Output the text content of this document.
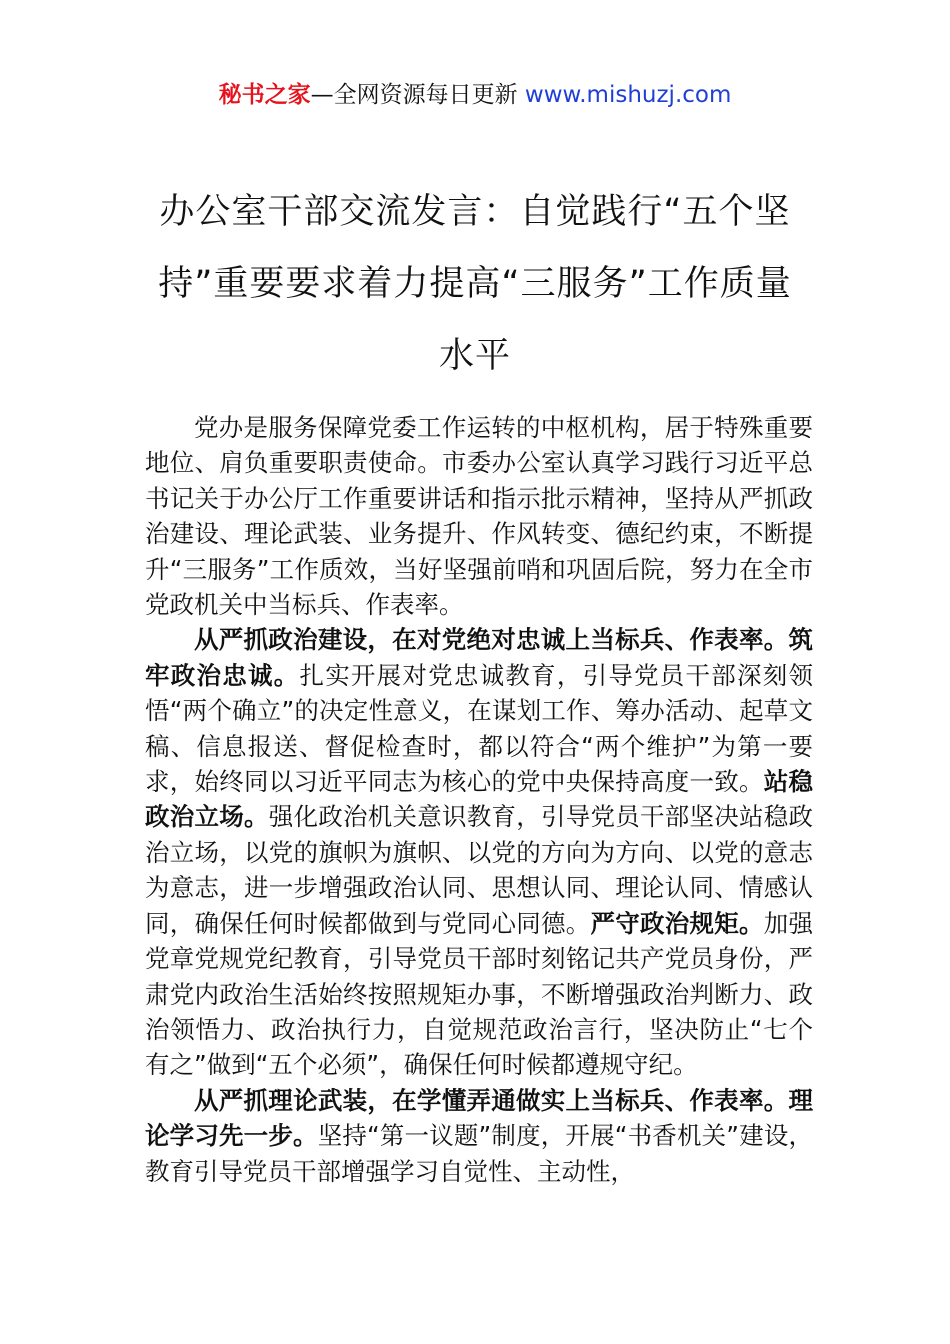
秘书之家—全网资源每日更新 www.mishuzj.com
办公室干部交流发言：自觉践行“五个坚持”重要要求着力提高“三服务”工作质量水平

党办是服务保障党委工作运转的中枢机构，居于特殊重要地位、肩负重要职责使命。市委办公室认真学习践行习近平总书记关于办公厅工作重要讲话和指示批示精神，坚持从严抓政治建设、理论武装、业务提升、作风转变、德纪约束，不断提升“三服务”工作质效，当好坚强前哨和巩固后院，努力在全市党政机关中当标兵、作表率。

从严抓政治建设，在对党绝对忠诚上当标兵、作表率。筑牢政治忠诚。扎实开展对党忠诚教育，引导党员干部深刻领悟“两个确立”的决定性意义，在谋划工作、筹办活动、起草文稿、信息报送、督促检查时，都以符合“两个维护”为第一要求，始终同以习近平同志为核心的党中央保持高度一致。站稳政治立场。强化政治机关意识教育，引导党员干部坚决站稳政治立场，以党的旗帜为旗帜、以党的方向为方向、以党的意志为意志，进一步增强政治认同、思想认同、理论认同、情感认同，确保任何时候都做到与党同心同德。严守政治规矩。加强党章党规党纪教育，引导党员干部时刻铭记共产党员身份，严肃党内政治生活始终按照规矩办事，不断增强政治判断力、政治领悟力、政治执行力，自觉规范政治言行，坚决防止“七个有之”做到“五个必须”，确保任何时候都遵规守纪。

从严抓理论武装，在学懂弄通做实上当标兵、作表率。理论学习先一步。坚持“第一议题”制度，开展“书香机关”建设，教育引导党员干部增强学习自觉性、主动性，
